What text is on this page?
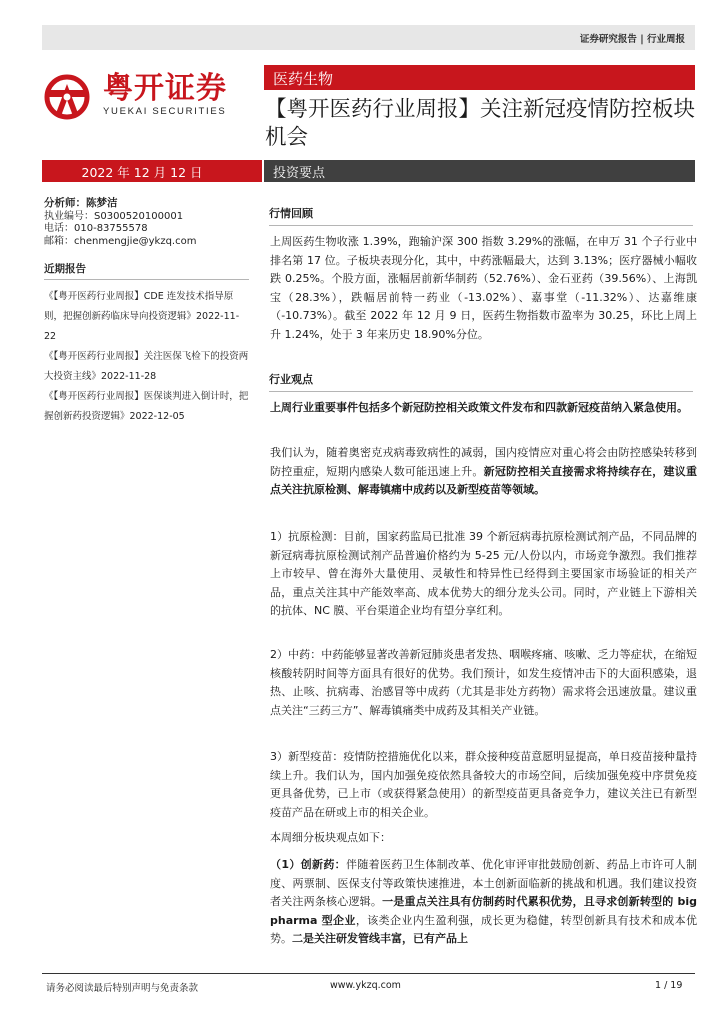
证券研究报告 | 行业周报
粤开证券
YUEKAI SECURITIES
医药生物
【粤开医药行业周报】关注新冠疫情防控板块机会
2022 年 12 月 12 日	投资要点
分析师：陈梦洁
执业编号：S0300520100001
电话：010-83755578
邮箱：chenmengjie@ykzq.com
近期报告
《【粤开医药行业周报】CDE 连发技术指导原则，把握创新药临床导向投资逻辑》2022-11-22
《【粤开医药行业周报】关注医保飞检下的投资两大投资主线》2022-11-28
《【粤开医药行业周报】医保谈判进入倒计时，把握创新药投资逻辑》2022-12-05
行情回顾
上周医药生物收涨 1.39%，跑输沪深 300 指数 3.29%的涨幅，在申万 31 个子行业中排名第 17 位。子板块表现分化，其中，中药涨幅最大，达到 3.13%；医疗器械小幅收跌 0.25%。个股方面，涨幅居前新华制药（52.76%）、金石亚药（39.56%）、上海凯宝（28.3%），跌幅居前特一药业（-13.02%）、嘉事堂（-11.32%）、达嘉维康（-10.73%）。截至 2022 年 12 月 9 日，医药生物指数市盈率为 30.25，环比上周上升 1.24%，处于 3 年来历史 18.90%分位。
行业观点
上周行业重要事件包括多个新冠防控相关政策文件发布和四款新冠疫苗纳入紧急使用。
我们认为，随着奥密克戎病毒致病性的减弱，国内疫情应对重心将会由防控感染转移到防控重症，短期内感染人数可能迅速上升。新冠防控相关直接需求将持续存在，建议重点关注抗原检测、解毒镇痛中成药以及新型疫苗等领域。
1）抗原检测：目前，国家药监局已批准 39 个新冠病毒抗原检测试剂产品，不同品牌的新冠病毒抗原检测试剂产品普遍价格约为 5-25 元/人份以内，市场竞争激烈。我们推荐上市较早、曾在海外大量使用、灵敏性和特异性已经得到主要国家市场验证的相关产品，重点关注其中产能效率高、成本优势大的细分龙头公司。同时，产业链上下游相关的抗体、NC 膜、平台渠道企业均有望分享红利。
2）中药：中药能够显著改善新冠肺炎患者发热、咽喉疼痛、咳嗽、乏力等症状，在缩短核酸转阴时间等方面具有很好的优势。我们预计，如发生疫情冲击下的大面积感染，退热、止咳、抗病毒、治感冒等中成药（尤其是非处方药物）需求将会迅速放量。建议重点关注“三药三方”、解毒镇痛类中成药及其相关产业链。
3）新型疫苗：疫情防控措施优化以来，群众接种疫苗意愿明显提高，单日疫苗接种量持续上升。我们认为，国内加强免疫依然具备较大的市场空间，后续加强免疫中序贯免疫更具备优势，已上市（或获得紧急使用）的新型疫苗更具备竞争力，建议关注已有新型疫苗产品在研或上市的相关企业。
本周细分板块观点如下：
（1）创新药：伴随着医药卫生体制改革、优化审评审批鼓励创新、药品上市许可人制度、两票制、医保支付等政策快速推进，本土创新面临新的挑战和机遇。我们建议投资者关注两条核心逻辑。一是重点关注具有仿制药时代累积优势，且寻求创新转型的 big pharma 型企业，该类企业内生盈利强，成长更为稳健，转型创新具有技术和成本优势。二是关注研发管线丰富，已有产品上
请务必阅读最后特别声明与免责条款	www.ykzq.com	1 / 19
